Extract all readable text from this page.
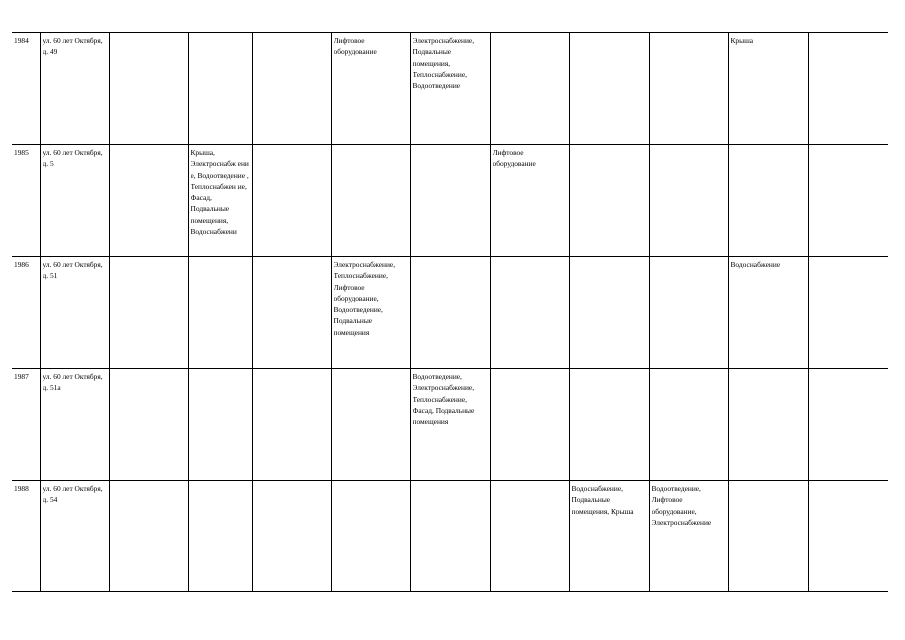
1984	ул. 60 лет Октября, д. 49				Лифтовое оборудование	Электроснабжение, Подвальные помещения, Теплоснабжение, Водоотведение				Крыша	

1985	ул. 60 лет Октября, д. 5		Крыша, Электроснабж ени е, Водоотведение , Теплоснабжен ие, Фасад, Подвальные помещения, Водоснабжени				Лифтовое оборудование				

1986	ул. 60 лет Октября, д. 51				Электроснабжение, Теплоснабжение, Лифтовое оборудование, Водоотведение, Подвальные помещения					Водоснабжение	

1987	ул. 60 лет Октября, д. 51а					Водоотведение, Электроснабжение, Теплоснабжение, Фасад, Подвальные помещения					

1988	ул. 60 лет Октября, д. 54							Водоснабжение, Подвальные помещения, Крыша	Водоотведение, Лифтовое оборудование, Электроснабжение		
